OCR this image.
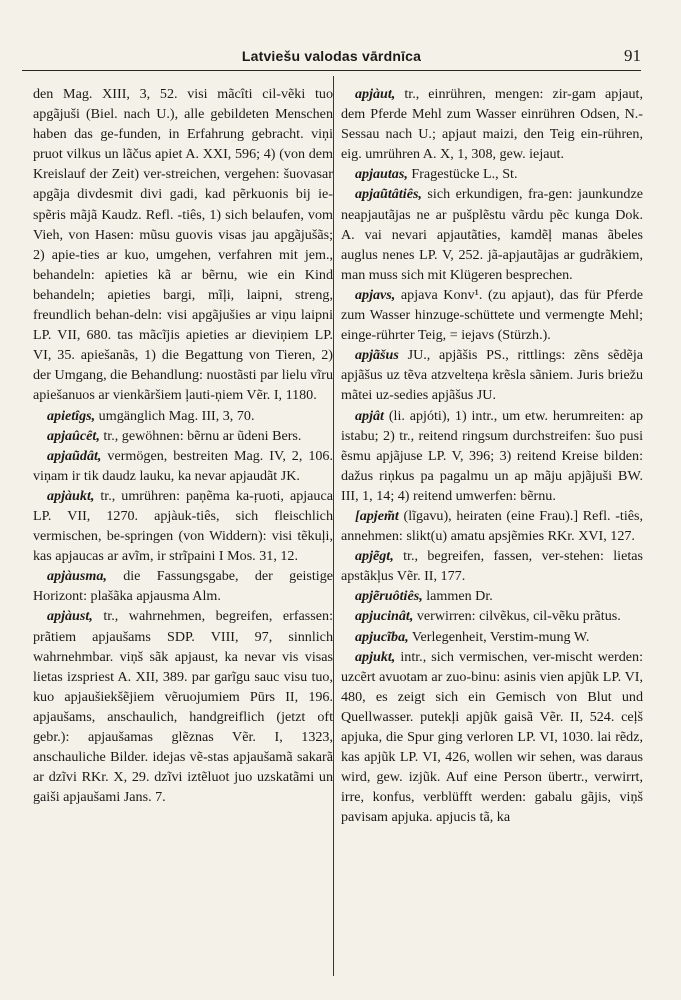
Latviešu valodas vārdnīca	91

den Mag. XIII, 3, 52. visi mãcîti cil-vẽki tuo apgãjuši (Biel. nach U.), alle gebildeten Menschen haben das ge-funden, in Erfahrung gebracht. viņi pruot vilkus un lãčus apiet A. XXI, 596; 4) (von dem Kreislauf der Zeit) ver-streichen, vergehen: šuovasar apgãja divdesmit divi gadi, kad pẽrkuonis bij ie-spẽris mãjã Kaudz. Refl. -tiês, 1) sich belaufen, vom Vieh, von Hasen: mũsu guovis visas jau apgãjušãs; 2) apie-ties ar kuo, umgehen, verfahren mit jem., behandeln: apieties kã ar bẽrnu, wie ein Kind behandeln; apieties bargi, mĩļi, laipni, streng, freundlich behan-deln: visi apgãjušies ar viņu laipni LP. VII, 680. tas mãcĩjis apieties ar dieviņiem LP. VI, 35. apiešanãs, 1) die Begattung von Tieren, 2) der Umgang, die Behandlung: nuostãsti par lielu vĩru apiešanuos ar vienkãršiem ļauti-ņiem Vẽr. I, 1180.

apietîgs, umgänglich Mag. III, 3, 70.

apjaûcêt, tr., gewöhnen: bẽrnu ar ũdeni Bers.

apjaũdât, vermögen, bestreiten Mag. IV, 2, 106. viņam ir tik daudz lauku, ka nevar apjaudãt JK.

apjàukt, tr., umrühren: paņẽma ka-ŗuoti, apjauca LP. VII, 1270. apjàuk-tiês, sich fleischlich vermischen, be-springen (von Widdern): visi tẽkuļi, kas apjaucas ar avĩm, ir strĩpaini I Mos. 31, 12.

apjàusma, die Fassungsgabe, der geistige Horizont: plašãka apjausma Alm.

apjàust, tr., wahrnehmen, begreifen, erfassen: prãtiem apjaušams SDP. VIII, 97, sinnlich wahrnehmbar. viņš sãk apjaust, ka nevar vis visas lietas izspriest A. XII, 389. par garĩgu sauc visu tuo, kuo apjaušiekšẽjiem vẽruojumiem Pūrs II, 196. apjaušams, anschaulich, handgreiflich (jetzt oft gebr.): apjaušamas glẽznas Vẽr. I, 1323, anschauliche Bilder. idejas vẽ-stas apjaušamã sakarã ar dzĩvi RKr. X, 29. dzĩvi iztẽluot juo uzskatãmi un gaiši apjaušami Jans. 7.

apjàut, tr., einrühren, mengen: zir-gam apjaut, dem Pferde Mehl zum Wasser einrühren Odsen, N.-Sessau nach U.; apjaut maizi, den Teig ein-rühren, eig. umrühren A. X, 1, 308, gew. iejaut.

apjautas, Fragestücke L., St.

apjaũtâtiês, sich erkundigen, fra-gen: jaunkundze neapjautãjas ne ar pušplẽstu vãrdu pẽc kunga Dok. A. vai nevari apjautãties, kamdẽļ manas ãbeles auglus nenes LP. V, 252. jã-apjautãjas ar gudrãkiem, man muss sich mit Klügeren besprechen.

apjavs, apjava Konv¹. (zu apjaut), das für Pferde zum Wasser hinzuge-schüttete und vermengte Mehl; einge-rührter Teig, = iejavs (Stürzh.).

apjãšus JU., apjãšis PS., rittlings: zẽns sẽdẽja apjãšus uz tẽva atzvelteņa krẽsla sãniem. Juris briežu mãtei uz-sedies apjãšus JU.

apjât (li. apjóti), 1) intr., um etw. herumreiten: ap istabu; 2) tr., reitend ringsum durchstreifen: šuo pusi ẽsmu apjãjuse LP. V, 396; 3) reitend Kreise bilden: dažus riņkus pa pagalmu un ap mãju apjãjuši BW. III, 1, 14; 4) reitend umwerfen: bẽrnu.

[apjem̃t (lĩgavu), heiraten (eine Frau).] Refl. -tiês, annehmen: slikt(u) amatu apsjẽmies RKr. XVI, 127.

apjẽgt, tr., begreifen, fassen, ver-stehen: lietas apstãkļus Vẽr. II, 177.

apjẽruôtiês, lammen Dr.

apjucinât, verwirren: cilvẽkus, cil-vẽku prãtus.

apjucĩba, Verlegenheit, Verstim-mung W.

apjukt, intr., sich vermischen, ver-mischt werden: uzcẽrt avuotam ar zuo-binu: asinis vien apjũk LP. VI, 480, es zeigt sich ein Gemisch von Blut und Quellwasser. putekļi apjũk gaisã Vẽr. II, 524. ceļš apjuka, die Spur ging verloren LP. VI, 1030. lai rẽdz, kas apjũk LP. VI, 426, wollen wir sehen, was daraus wird, gew. izjũk. Auf eine Person übertr., verwirrt, irre, konfus, verblüfft werden: gabalu gãjis, viņš pavisam apjuka. apjucis tã, ka
